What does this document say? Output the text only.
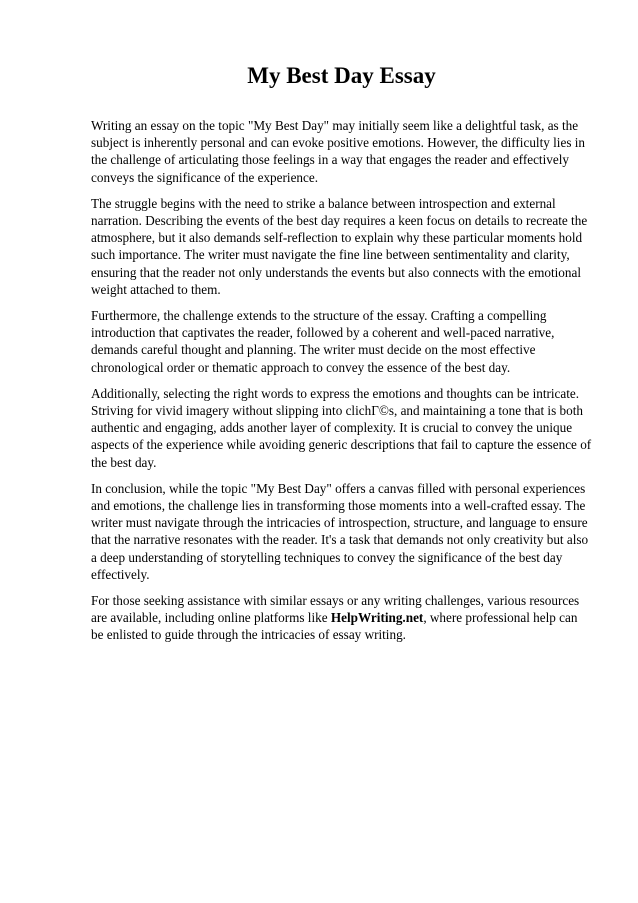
My Best Day Essay

Writing an essay on the topic "My Best Day" may initially seem like a delightful task, as the subject is inherently personal and can evoke positive emotions. However, the difficulty lies in the challenge of articulating those feelings in a way that engages the reader and effectively conveys the significance of the experience.

The struggle begins with the need to strike a balance between introspection and external narration. Describing the events of the best day requires a keen focus on details to recreate the atmosphere, but it also demands self-reflection to explain why these particular moments hold such importance. The writer must navigate the fine line between sentimentality and clarity, ensuring that the reader not only understands the events but also connects with the emotional weight attached to them.

Furthermore, the challenge extends to the structure of the essay. Crafting a compelling introduction that captivates the reader, followed by a coherent and well-paced narrative, demands careful thought and planning. The writer must decide on the most effective chronological order or thematic approach to convey the essence of the best day.

Additionally, selecting the right words to express the emotions and thoughts can be intricate. Striving for vivid imagery without slipping into clichГ©s, and maintaining a tone that is both authentic and engaging, adds another layer of complexity. It is crucial to convey the unique aspects of the experience while avoiding generic descriptions that fail to capture the essence of the best day.

In conclusion, while the topic "My Best Day" offers a canvas filled with personal experiences and emotions, the challenge lies in transforming those moments into a well-crafted essay. The writer must navigate through the intricacies of introspection, structure, and language to ensure that the narrative resonates with the reader. It's a task that demands not only creativity but also a deep understanding of storytelling techniques to convey the significance of the best day effectively.

For those seeking assistance with similar essays or any writing challenges, various resources are available, including online platforms like HelpWriting.net, where professional help can be enlisted to guide through the intricacies of essay writing.
